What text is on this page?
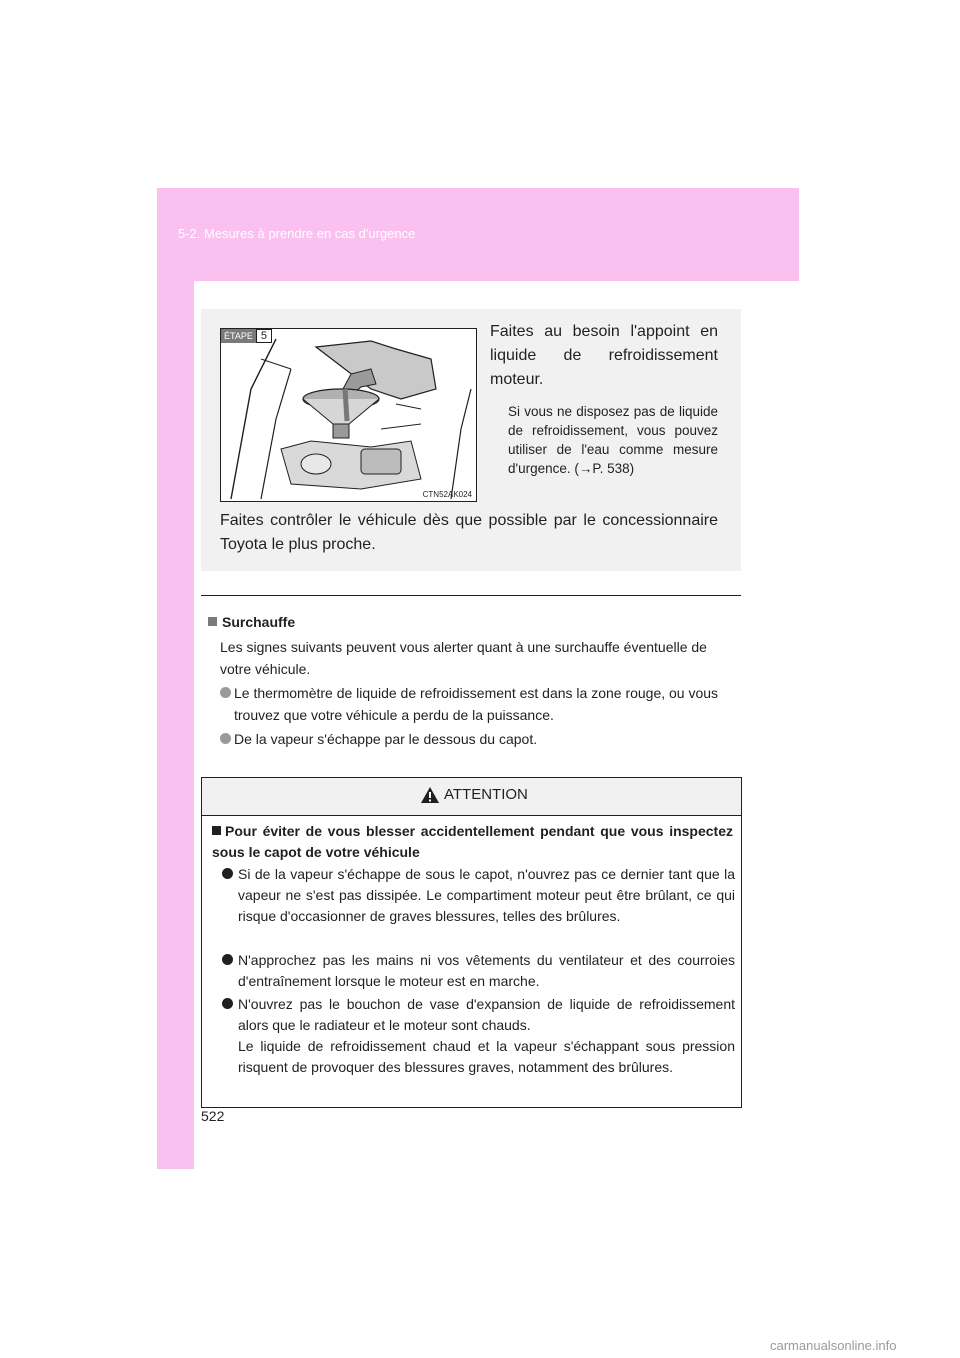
5-2. Mesures à prendre en cas d'urgence
ÉTAPE 5
CTN52AK024
Faites au besoin l'appoint en liquide de refroidissement moteur.
Si vous ne disposez pas de liquide de refroidissement, vous pouvez utiliser de l'eau comme mesure d'urgence. (→P. 538)
Faites contrôler le véhicule dès que possible par le concessionnaire Toyota le plus proche.
Surchauffe
Les signes suivants peuvent vous alerter quant à une surchauffe éventuelle de votre véhicule.
Le thermomètre de liquide de refroidissement est dans la zone rouge, ou vous trouvez que votre véhicule a perdu de la puissance.
De la vapeur s'échappe par le dessous du capot.
ATTENTION
Pour éviter de vous blesser accidentellement pendant que vous inspectez sous le capot de votre véhicule
Si de la vapeur s'échappe de sous le capot, n'ouvrez pas ce dernier tant que la vapeur ne s'est pas dissipée. Le compartiment moteur peut être brûlant, ce qui risque d'occasionner de graves blessures, telles des brûlures.
N'approchez pas les mains ni vos vêtements du ventilateur et des courroies d'entraînement lorsque le moteur est en marche.
N'ouvrez pas le bouchon de vase d'expansion de liquide de refroidissement alors que le radiateur et le moteur sont chauds.
Le liquide de refroidissement chaud et la vapeur s'échappant sous pression risquent de provoquer des blessures graves, notamment des brûlures.
522
carmanualsonline.info
